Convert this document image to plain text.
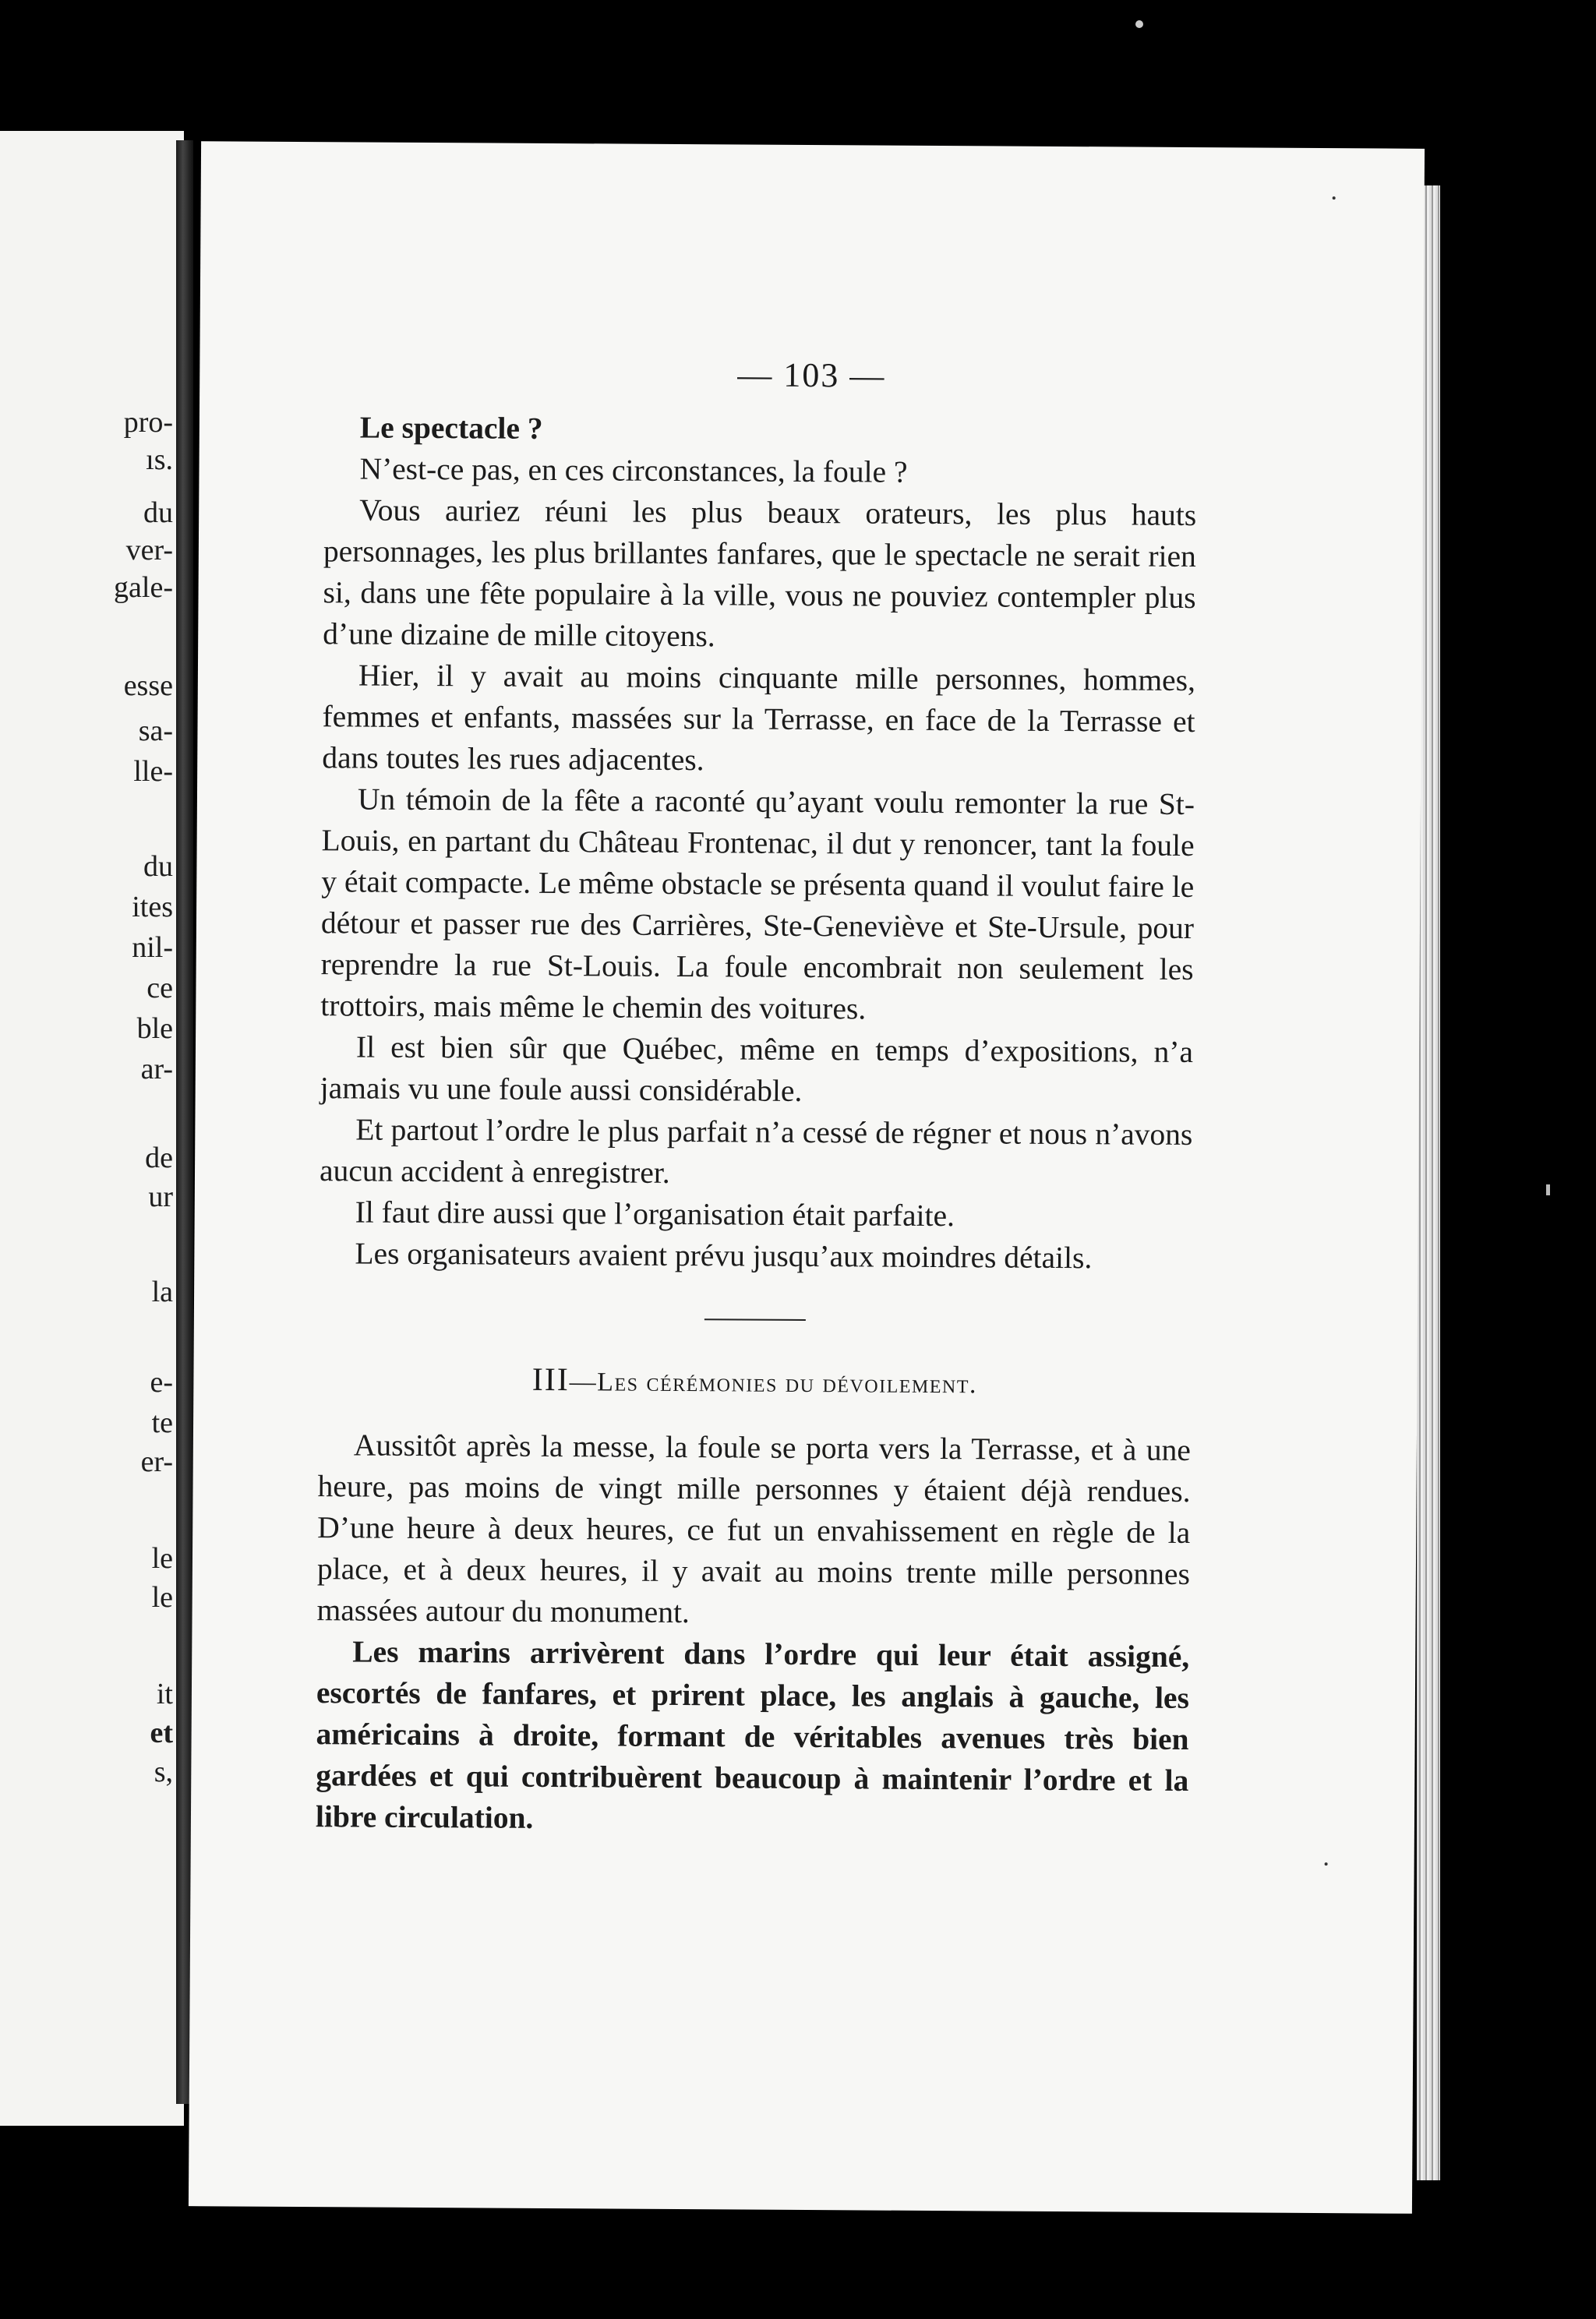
pro-
ıs.
du
ver-
gale-
esse
sa-
lle-
du
ites
nil-
ce
ble
ar-
de
ur
la
e-
te
er-
le
le
it
et
s,
— 103 —

Le spectacle ?

N’est-ce pas, en ces circonstances, la foule ?

Vous auriez réuni les plus beaux orateurs, les plus hauts personnages, les plus brillantes fanfares, que le spectacle ne serait rien si, dans une fête populaire à la ville, vous ne pouviez contempler plus d’une dizaine de mille citoyens.

Hier, il y avait au moins cinquante mille personnes, hommes, femmes et enfants, massées sur la Terrasse, en face de la Terrasse et dans toutes les rues adjacentes.

Un témoin de la fête a raconté qu’ayant voulu remonter la rue St-Louis, en partant du Château Frontenac, il dut y renoncer, tant la foule y était compacte. Le même obstacle se présenta quand il voulut faire le détour et passer rue des Carrières, Ste-Geneviève et Ste-Ursule, pour reprendre la rue St-Louis. La foule encombrait non seulement les trottoirs, mais même le chemin des voitures.

Il est bien sûr que Québec, même en temps d’expositions, n’a jamais vu une foule aussi considérable.

Et partout l’ordre le plus parfait n’a cessé de régner et nous n’avons aucun accident à enregistrer.

Il faut dire aussi que l’organisation était parfaite.

Les organisateurs avaient prévu jusqu’aux moindres détails.

III—Les cérémonies du dévoilement.

Aussitôt après la messe, la foule se porta vers la Terrasse, et à une heure, pas moins de vingt mille personnes y étaient déjà rendues. D’une heure à deux heures, ce fut un envahissement en règle de la place, et à deux heures, il y avait au moins trente mille personnes massées autour du monument.

Les marins arrivèrent dans l’ordre qui leur était assigné, escortés de fanfares, et prirent place, les anglais à gauche, les américains à droite, formant de véritables avenues très bien gardées et qui contribuèrent beaucoup à maintenir l’ordre et la libre circulation.
